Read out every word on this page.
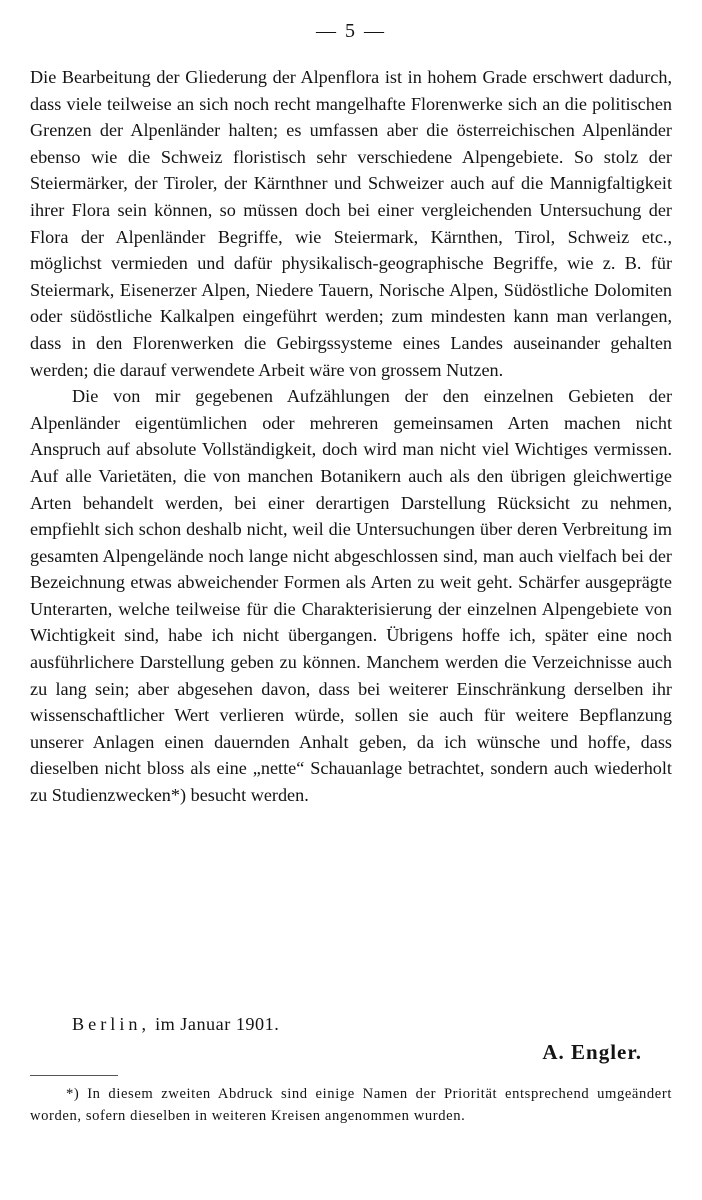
— 5 —

Die Bearbeitung der Gliederung der Alpenflora ist in hohem Grade erschwert dadurch, dass viele teilweise an sich noch recht mangelhafte Florenwerke sich an die politischen Grenzen der Alpenländer halten; es umfassen aber die österreichischen Alpenländer ebenso wie die Schweiz floristisch sehr verschiedene Alpengebiete. So stolz der Steiermärker, der Tiroler, der Kärnthner und Schweizer auch auf die Mannigfaltigkeit ihrer Flora sein können, so müssen doch bei einer vergleichenden Untersuchung der Flora der Alpenländer Begriffe, wie Steiermark, Kärnthen, Tirol, Schweiz etc., möglichst vermieden und dafür physikalisch-geographische Begriffe, wie z. B. für Steiermark, Eisenerzer Alpen, Niedere Tauern, Norische Alpen, Südöstliche Dolomiten oder südöstliche Kalkalpen eingeführt werden; zum mindesten kann man verlangen, dass in den Florenwerken die Gebirgssysteme eines Landes auseinander gehalten werden; die darauf verwendete Arbeit wäre von grossem Nutzen.

Die von mir gegebenen Aufzählungen der den einzelnen Gebieten der Alpenländer eigentümlichen oder mehreren gemeinsamen Arten machen nicht Anspruch auf absolute Vollständigkeit, doch wird man nicht viel Wichtiges vermissen. Auf alle Varietäten, die von manchen Botanikern auch als den übrigen gleichwertige Arten behandelt werden, bei einer derartigen Darstellung Rücksicht zu nehmen, empfiehlt sich schon deshalb nicht, weil die Untersuchungen über deren Verbreitung im gesamten Alpengelände noch lange nicht abgeschlossen sind, man auch vielfach bei der Bezeichnung etwas abweichender Formen als Arten zu weit geht. Schärfer ausgeprägte Unterarten, welche teilweise für die Charakterisierung der einzelnen Alpengebiete von Wichtigkeit sind, habe ich nicht übergangen. Übrigens hoffe ich, später eine noch ausführlichere Darstellung geben zu können. Manchem werden die Verzeichnisse auch zu lang sein; aber abgesehen davon, dass bei weiterer Einschränkung derselben ihr wissenschaftlicher Wert verlieren würde, sollen sie auch für weitere Bepflanzung unserer Anlagen einen dauernden Anhalt geben, da ich wünsche und hoffe, dass dieselben nicht bloss als eine „nette“ Schauanlage betrachtet, sondern auch wiederholt zu Studienzwecken*) besucht werden.

Berlin, im Januar 1901.
A. Engler.
*) In diesem zweiten Abdruck sind einige Namen der Priorität entsprechend umgeändert worden, sofern dieselben in weiteren Kreisen angenommen wurden.
